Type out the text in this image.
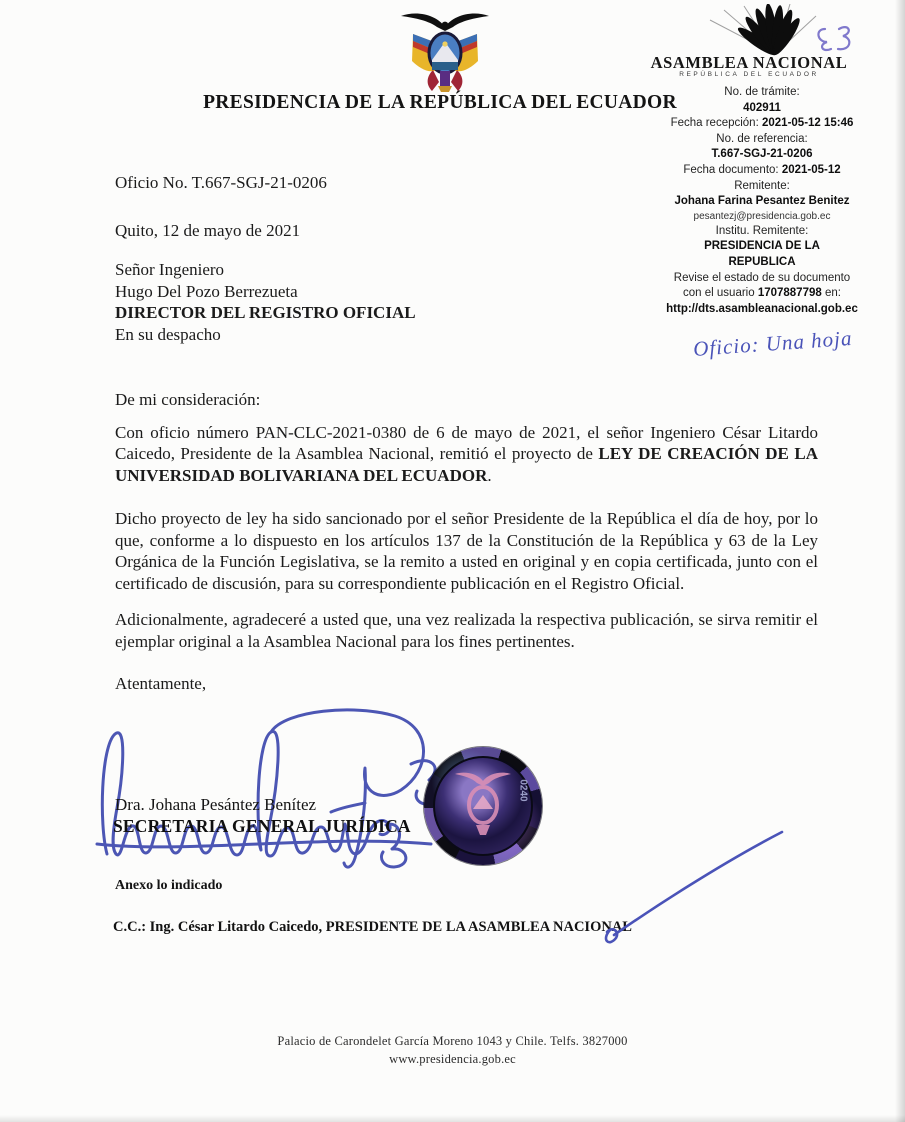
PRESIDENCIA DE LA REPÚBLICA DEL ECUADOR
ASAMBLEA NACIONAL
REPÚBLICA DEL ECUADOR
No. de trámite:
402911
Fecha recepción: 2021-05-12 15:46
No. de referencia:
T.667-SGJ-21-0206
Fecha documento: 2021-05-12
Remitente:
Johana Farina Pesantez Benitez
pesantezj@presidencia.gob.ec
Institu. Remitente:
PRESIDENCIA DE LA REPUBLICA
Revise el estado de su documento
con el usuario 1707887798 en:
http://dts.asambleanacional.gob.ec
Oficio: Una hoja

Oficio No. T.667-SGJ-21-0206

Quito, 12 de mayo de 2021

Señor Ingeniero

Hugo Del Pozo Berrezueta

DIRECTOR DEL REGISTRO OFICIAL

En su despacho

De mi consideración:

Con oficio número PAN-CLC-2021-0380 de 6 de mayo de 2021, el señor Ingeniero César Litardo Caicedo, Presidente de la Asamblea Nacional, remitió el proyecto de LEY DE CREACIÓN DE LA UNIVERSIDAD BOLIVARIANA DEL ECUADOR.

Dicho proyecto de ley ha sido sancionado por el señor Presidente de la República el día de hoy, por lo que, conforme a lo dispuesto en los artículos 137 de la Constitución de la República y 63 de la Ley Orgánica de la Función Legislativa, se la remito a usted en original y en copia certificada, junto con el certificado de discusión, para su correspondiente publicación en el Registro Oficial.

Adicionalmente, agradeceré a usted que, una vez realizada la respectiva publicación, se sirva remitir el ejemplar original a la Asamblea Nacional para los fines pertinentes.

Atentamente,

Dra. Johana Pesántez Benítez
SECRETARIA GENERAL JURÍDICA
0240
Anexo lo indicado
C.C.: Ing. César Litardo Caicedo, PRESIDENTE DE LA ASAMBLEA NACIONAL
Palacio de Carondelet García Moreno 1043 y Chile. Telfs. 3827000
www.presidencia.gob.ec
